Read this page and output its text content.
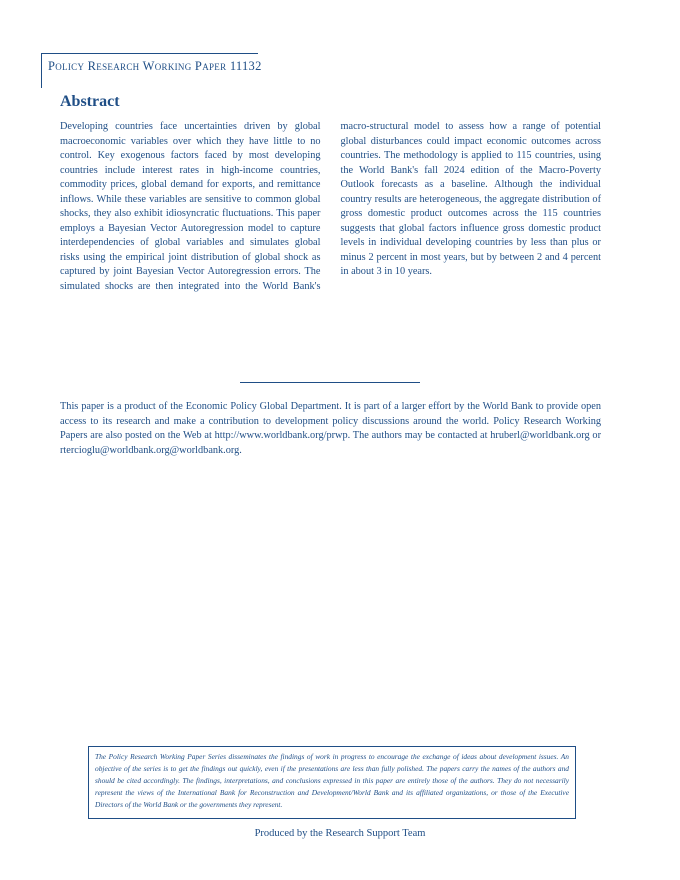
Policy Research Working Paper 11132
Abstract

Developing countries face uncertainties driven by global macroeconomic variables over which they have little to no control. Key exogenous factors faced by most developing countries include interest rates in high-income countries, commodity prices, global demand for exports, and remittance inflows. While these variables are sensitive to common global shocks, they also exhibit idiosyncratic fluctuations. This paper employs a Bayesian Vector Autoregression model to capture interdependencies of global variables and simulates global risks using the empirical joint distribution of global shock as captured by joint Bayesian Vector Autoregression errors. The simulated shocks are then integrated into the World Bank's macro-structural model to assess how a range of potential global disturbances could impact economic outcomes across countries. The methodology is applied to 115 countries, using the World Bank's fall 2024 edition of the Macro-Poverty Outlook forecasts as a baseline. Although the individual country results are heterogeneous, the aggregate distribution of gross domestic product outcomes across the 115 countries suggests that global factors influence gross domestic product levels in individual developing countries by less than plus or minus 2 percent in most years, but by between 2 and 4 percent in about 3 in 10 years.

This paper is a product of the Economic Policy Global Department. It is part of a larger effort by the World Bank to provide open access to its research and make a contribution to development policy discussions around the world. Policy Research Working Papers are also posted on the Web at http://www.worldbank.org/prwp. The authors may be contacted at hruberl@worldbank.org or rtercioglu@worldbank.org@worldbank.org.

The Policy Research Working Paper Series disseminates the findings of work in progress to encourage the exchange of ideas about development issues. An objective of the series is to get the findings out quickly, even if the presentations are less than fully polished. The papers carry the names of the authors and should be cited accordingly. The findings, interpretations, and conclusions expressed in this paper are entirely those of the authors. They do not necessarily represent the views of the International Bank for Reconstruction and Development/World Bank and its affiliated organizations, or those of the Executive Directors of the World Bank or the governments they represent.

Produced by the Research Support Team
